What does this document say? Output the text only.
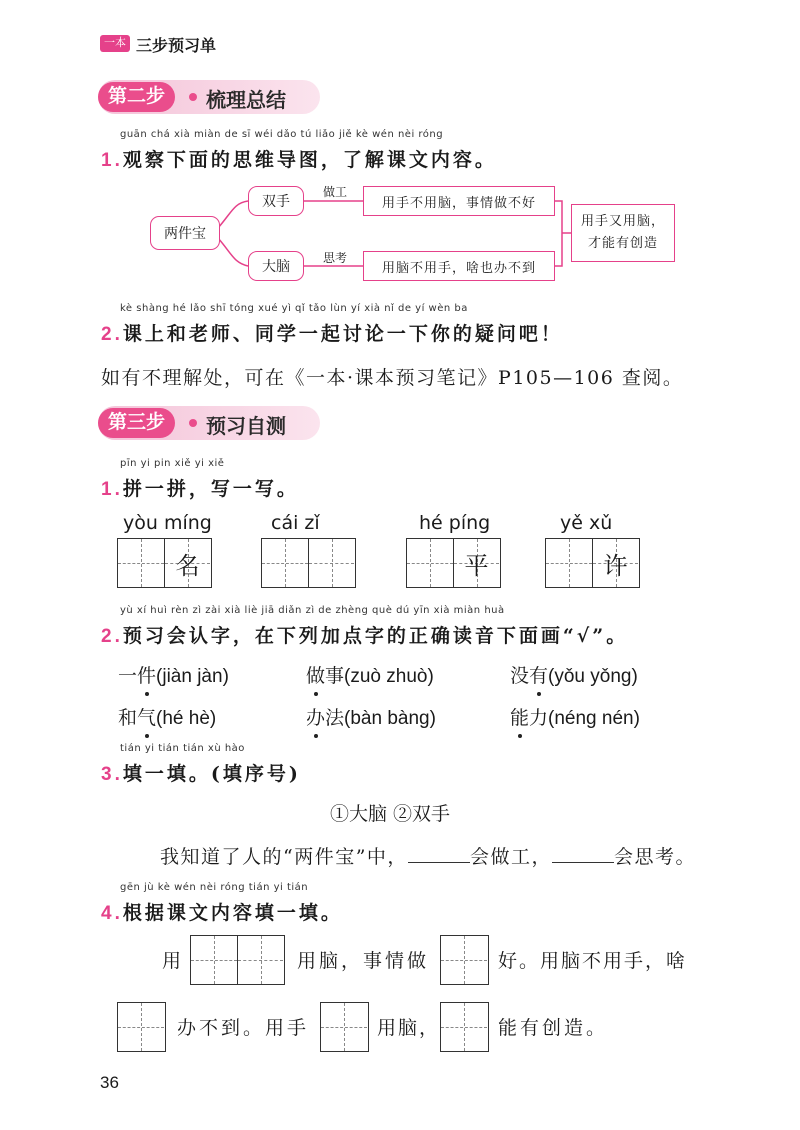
一本 三步预习单
第二步	梳理总结
guān chá xià miàn de sī wéi dǎo tú liǎo jiě kè wén nèi róng
1.观察下面的思维导图，了解课文内容。
两件宝
双手
大脑
做工
思考
用手不用脑，事情做不好
用脑不用手，啥也办不到
用手又用脑，
才能有创造
kè shàng hé lǎo shī tóng xué yì qǐ tǎo lùn yí xià nǐ de yí wèn ba
2.课上和老师、同学一起讨论一下你的疑问吧！
如有不理解处，可在《一本·课本预习笔记》P105—106 查阅。
第三步	预习自测
pīn yi pin xiě yi xiě
1.拼一拼，写一写。
yòu míng
名
cái zǐ	hé píng
平
yě xǔ
许
yù xí huì rèn zì zài xià liè jiā diǎn zì de zhèng què dú yīn xià miàn huà
2.预习会认字，在下列加点字的正确读音下面画“√”。
一件(jiàn jàn)	做事(zuò zhuò)	没有(yǒu yǒng)
和气(hé hè)	办法(bàn bàng)	能力(néng nén)
tián yi tián tián xù hào
3.填一填。(填序号)
①大脑 ②双手
我知道了人的“两件宝”中，	会做工，	会思考。
gēn jù kè wén nèi róng tián yi tián
4.根据课文内容填一填。
用	用脑，事情做	好。用脑不用手，啥
办不到。用手	用脑，	能有创造。
36
